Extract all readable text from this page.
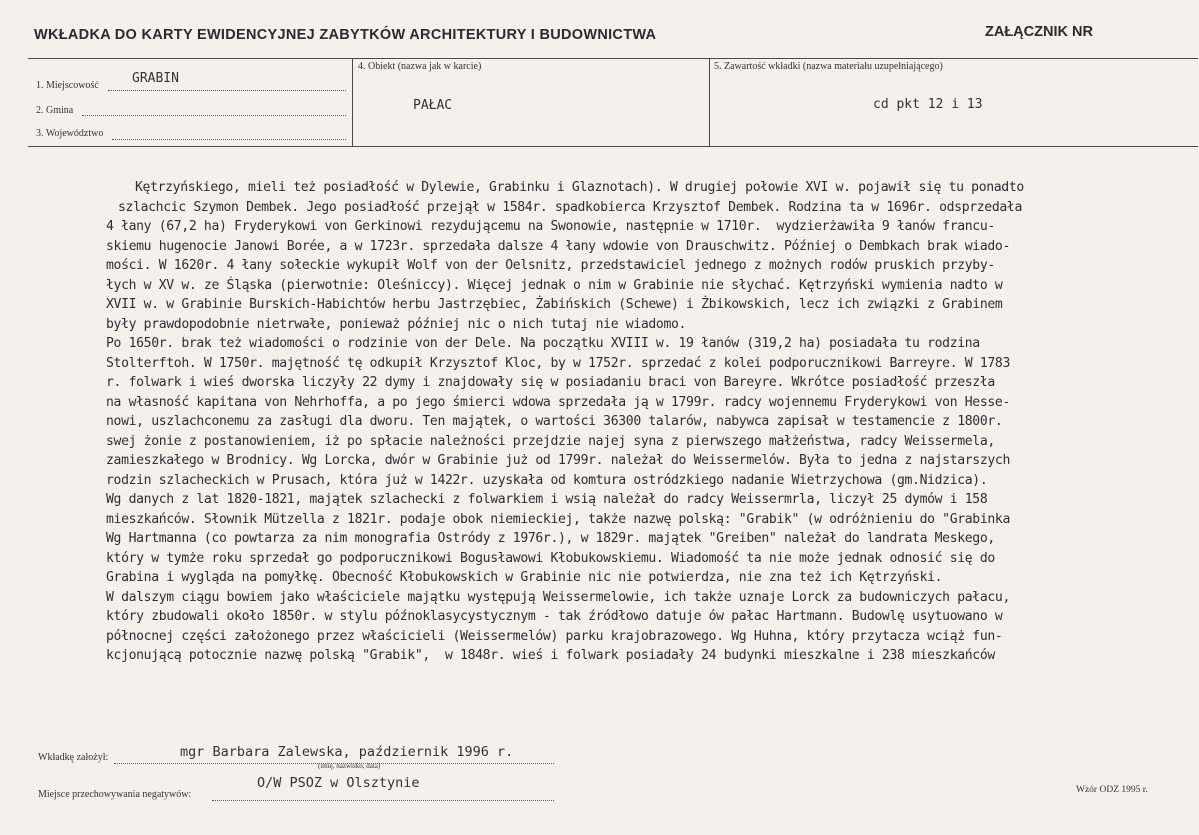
WKŁADKA DO KARTY EWIDENCYJNEJ ZABYTKÓW ARCHITEKTURY I BUDOWNICTWA	ZAŁĄCZNIK NR
1. Miejscowość	GRABIN
2. Gmina
3. Województwo
4. Obiekt (nazwa jak w karcie)
PAŁAC
5. Zawartość wkładki (nazwa materiału uzupełniającego)
cd pkt 12 i 13
Kętrzyńskiego, mieli też posiadłość w Dylewie, Grabinku i Glaznotach). W drugiej połowie XVI w. pojawił się tu ponadto
szlachcic Szymon Dembek. Jego posiadłość przejął w 1584r. spadkobierca Krzysztof Dembek. Rodzina ta w 1696r. odsprzedała
4 łany (67,2 ha) Fryderykowi von Gerkinowi rezydującemu na Swonowie, następnie w 1710r.  wydzierżawiła 9 łanów francu-
skiemu hugenocie Janowi Borée, a w 1723r. sprzedała dalsze 4 łany wdowie von Drauschwitz. Później o Dembkach brak wiado-
mości. W 1620r. 4 łany sołeckie wykupił Wolf von der Oelsnitz, przedstawiciel jednego z możnych rodów pruskich przyby-
łych w XV w. ze Śląska (pierwotnie: Oleśniccy). Więcej jednak o nim w Grabinie nie słychać. Kętrzyński wymienia nadto w
XVII w. w Grabinie Burskich-Habichtów herbu Jastrzębiec, Żabińskich (Schewe) i Żbikowskich, lecz ich związki z Grabinem
były prawdopodobnie nietrwałe, ponieważ później nic o nich tutaj nie wiadomo.
Po 1650r. brak też wiadomości o rodzinie von der Dele. Na początku XVIII w. 19 łanów (319,2 ha) posiadała tu rodzina
Stolterftoh. W 1750r. majętność tę odkupił Krzysztof Kloc, by w 1752r. sprzedać z kolei podporucznikowi Barreyre. W 1783
r. folwark i wieś dworska liczyły 22 dymy i znajdowały się w posiadaniu braci von Bareyre. Wkrótce posiadłość przeszła
na własność kapitana von Nehrhoffa, a po jego śmierci wdowa sprzedała ją w 1799r. radcy wojennemu Fryderykowi von Hesse-
nowi, uszlachconemu za zasługi dla dworu. Ten majątek, o wartości 36300 talarów, nabywca zapisał w testamencie z 1800r.
swej żonie z postanowieniem, iż po spłacie należności przejdzie najej syna z pierwszego małżeństwa, radcy Weissermela,
zamieszkałego w Brodnicy. Wg Lorcka, dwór w Grabinie już od 1799r. należał do Weissermelów. Była to jedna z najstarszych
rodzin szlacheckich w Prusach, która już w 1422r. uzyskała od komtura ostródzkiego nadanie Wietrzychowa (gm.Nidzica).
Wg danych z lat 1820-1821, majątek szlachecki z folwarkiem i wsią należał do radcy Weissermrla, liczył 25 dymów i 158
mieszkańców. Słownik Mützella z 1821r. podaje obok niemieckiej, także nazwę polską: "Grabik" (w odróżnieniu do "Grabinka
Wg Hartmanna (co powtarza za nim monografia Ostródy z 1976r.), w 1829r. majątek "Greiben" należał do landrata Meskego,
który w tymże roku sprzedał go podporucznikowi Bogusławowi Kłobukowskiemu. Wiadomość ta nie może jednak odnosić się do
Grabina i wygląda na pomyłkę. Obecność Kłobukowskich w Grabinie nic nie potwierdza, nie zna też ich Kętrzyński.
W dalszym ciągu bowiem jako właściciele majątku występują Weissermelowie, ich także uznaje Lorck za budowniczych pałacu,
który zbudowali około 1850r. w stylu późnoklasycystycznym - tak źródłowo datuje ów pałac Hartmann. Budowlę usytuowano w
północnej części założonego przez właścicieli (Weissermelów) parku krajobrazowego. Wg Huhna, który przytacza wciąż fun-
kcjonującą potocznie nazwę polską "Grabik",  w 1848r. wieś i folwark posiadały 24 budynki mieszkalne i 238 mieszkańców
Wkładkę założył:	mgr Barbara Zalewska, październik 1996 r.
(imię, nazwisko, data)
Miejsce przechowywania negatywów:
O/W PSOZ w Olsztynie	Wzór ODZ 1995 r.
